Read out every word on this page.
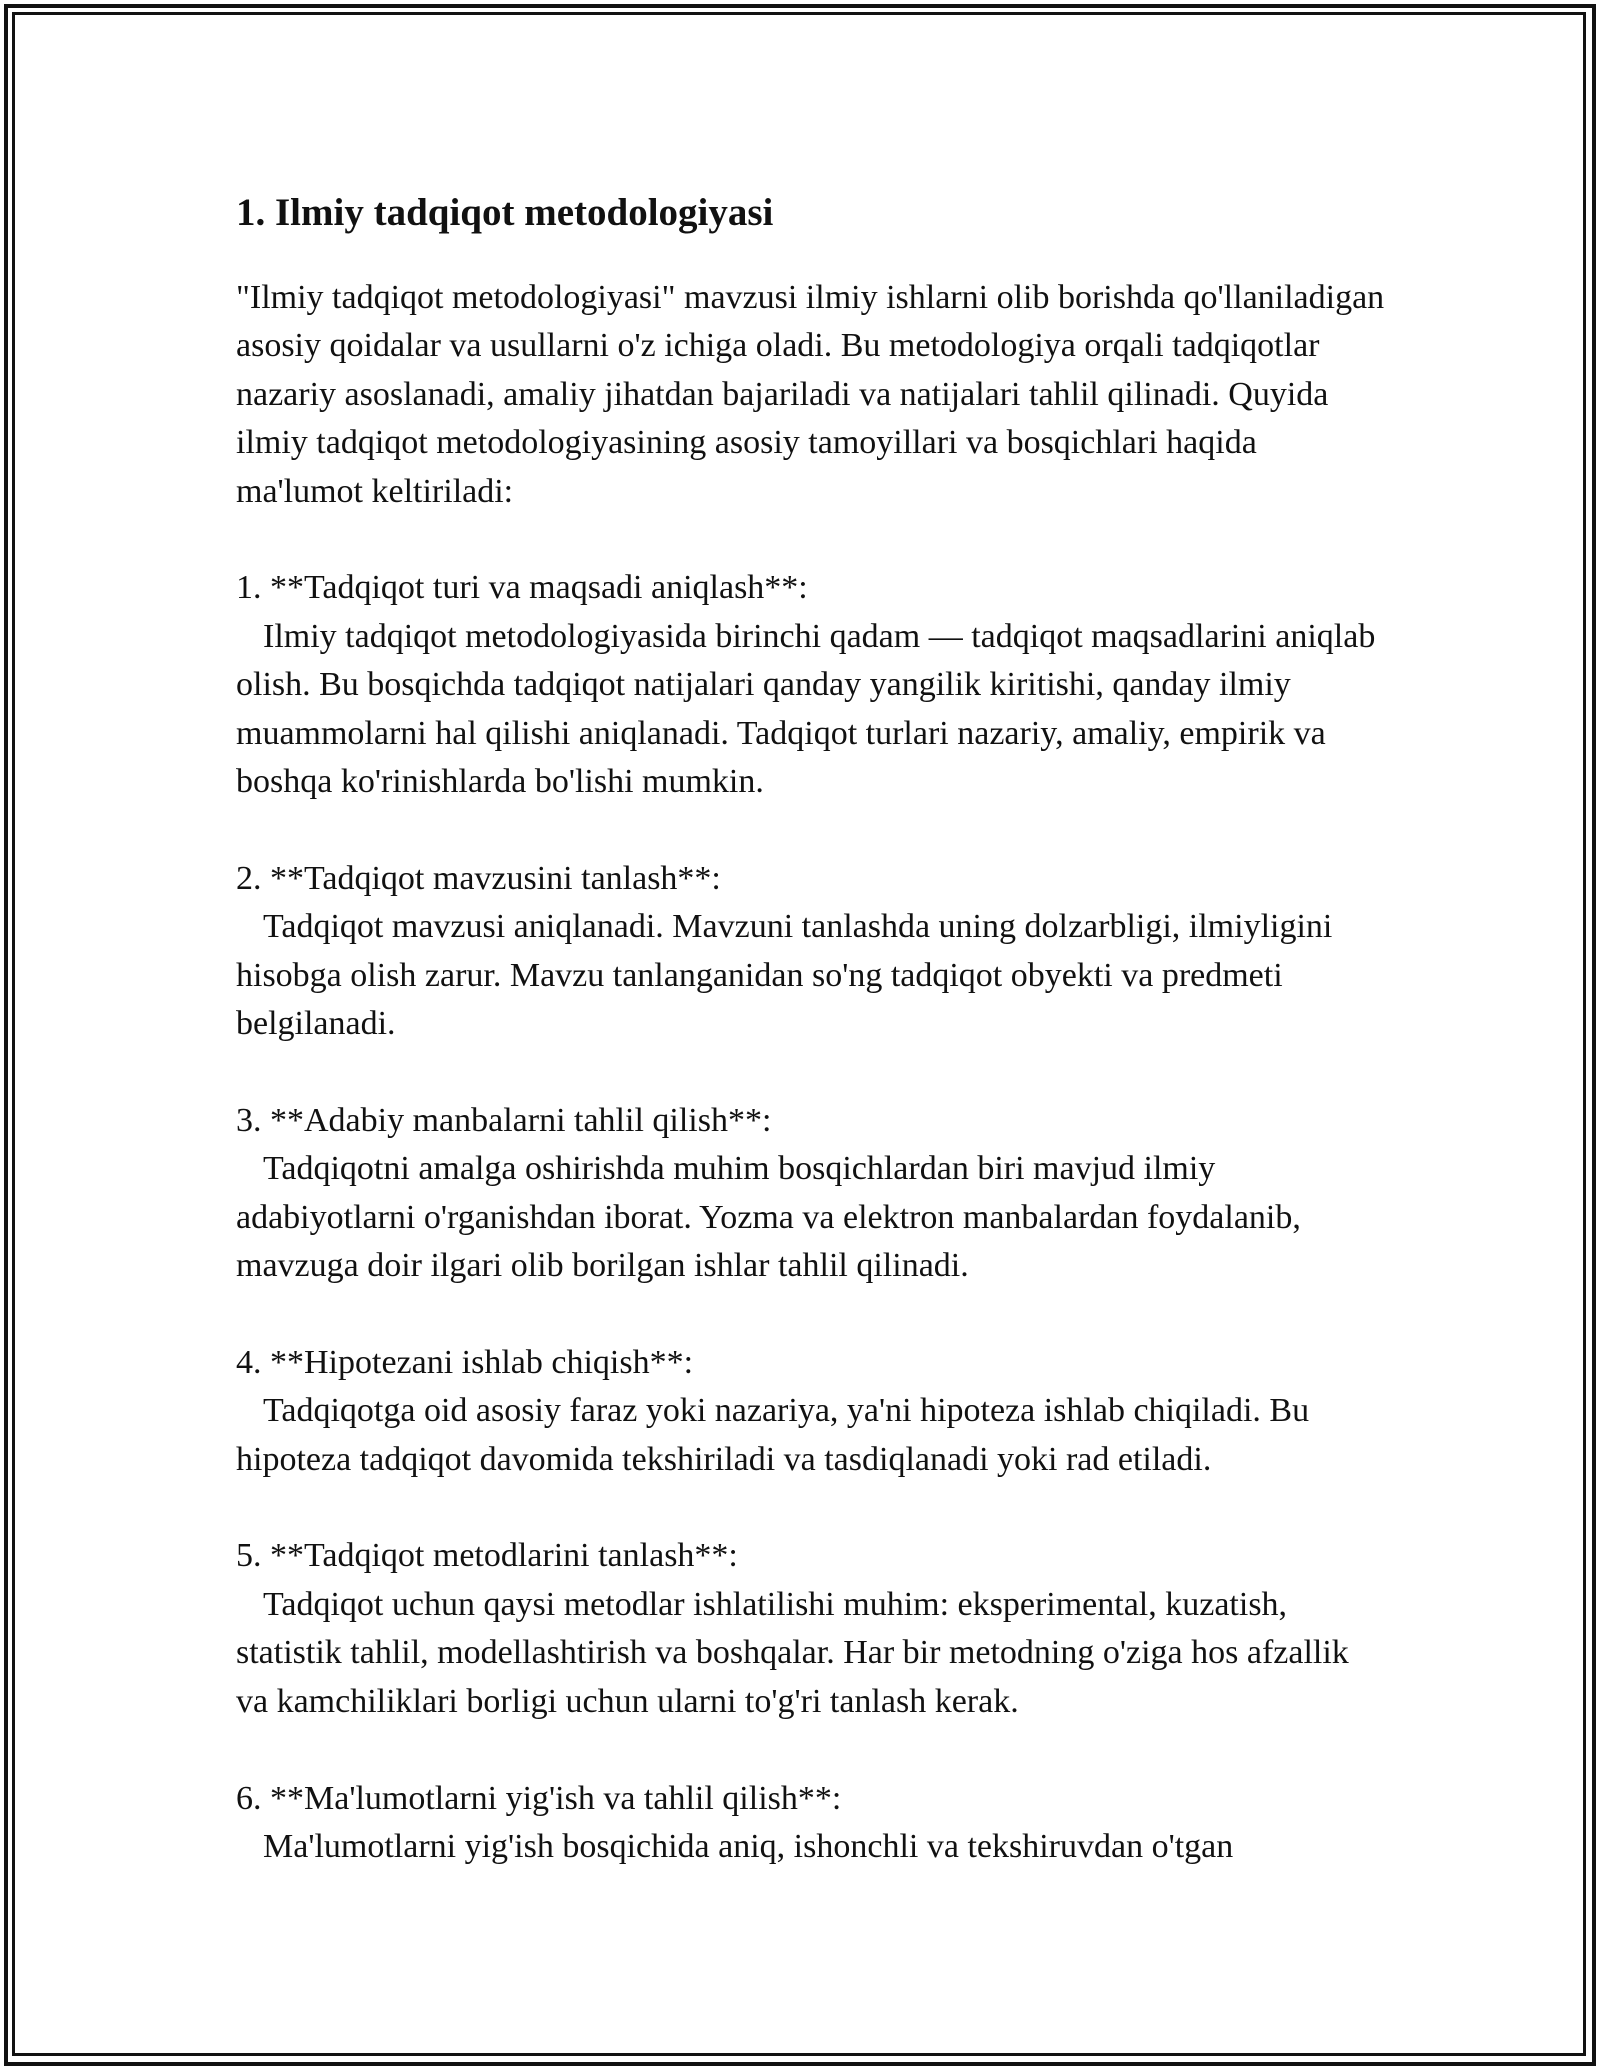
1. Ilmiy tadqiqot metodologiyasi

"Ilmiy tadqiqot metodologiyasi" mavzusi ilmiy ishlarni olib borishda qo'llaniladigan asosiy qoidalar va usullarni o'z ichiga oladi. Bu metodologiya orqali tadqiqotlar nazariy asoslanadi, amaliy jihatdan bajariladi va natijalari tahlil qilinadi. Quyida ilmiy tadqiqot metodologiyasining asosiy tamoyillari va bosqichlari haqida ma'lumot keltiriladi:

1. **Tadqiqot turi va maqsadi aniqlash**:
Ilmiy tadqiqot metodologiyasida birinchi qadam — tadqiqot maqsadlarini aniqlab olish. Bu bosqichda tadqiqot natijalari qanday yangilik kiritishi, qanday ilmiy muammolarni hal qilishi aniqlanadi. Tadqiqot turlari nazariy, amaliy, empirik va boshqa ko'rinishlarda bo'lishi mumkin.

2. **Tadqiqot mavzusini tanlash**:
Tadqiqot mavzusi aniqlanadi. Mavzuni tanlashda uning dolzarbligi, ilmiyligini hisobga olish zarur. Mavzu tanlanganidan so'ng tadqiqot obyekti va predmeti belgilanadi.

3. **Adabiy manbalarni tahlil qilish**:
Tadqiqotni amalga oshirishda muhim bosqichlardan biri mavjud ilmiy adabiyotlarni o'rganishdan iborat. Yozma va elektron manbalardan foydalanib, mavzuga doir ilgari olib borilgan ishlar tahlil qilinadi.

4. **Hipotezani ishlab chiqish**:
Tadqiqotga oid asosiy faraz yoki nazariya, ya'ni hipoteza ishlab chiqiladi. Bu hipoteza tadqiqot davomida tekshiriladi va tasdiqlanadi yoki rad etiladi.

5. **Tadqiqot metodlarini tanlash**:
Tadqiqot uchun qaysi metodlar ishlatilishi muhim: eksperimental, kuzatish, statistik tahlil, modellashtirish va boshqalar. Har bir metodning o'ziga hos afzallik va kamchiliklari borligi uchun ularni to'g'ri tanlash kerak.

6. **Ma'lumotlarni yig'ish va tahlil qilish**:
Ma'lumotlarni yig'ish bosqichida aniq, ishonchli va tekshiruvdan o'tgan
